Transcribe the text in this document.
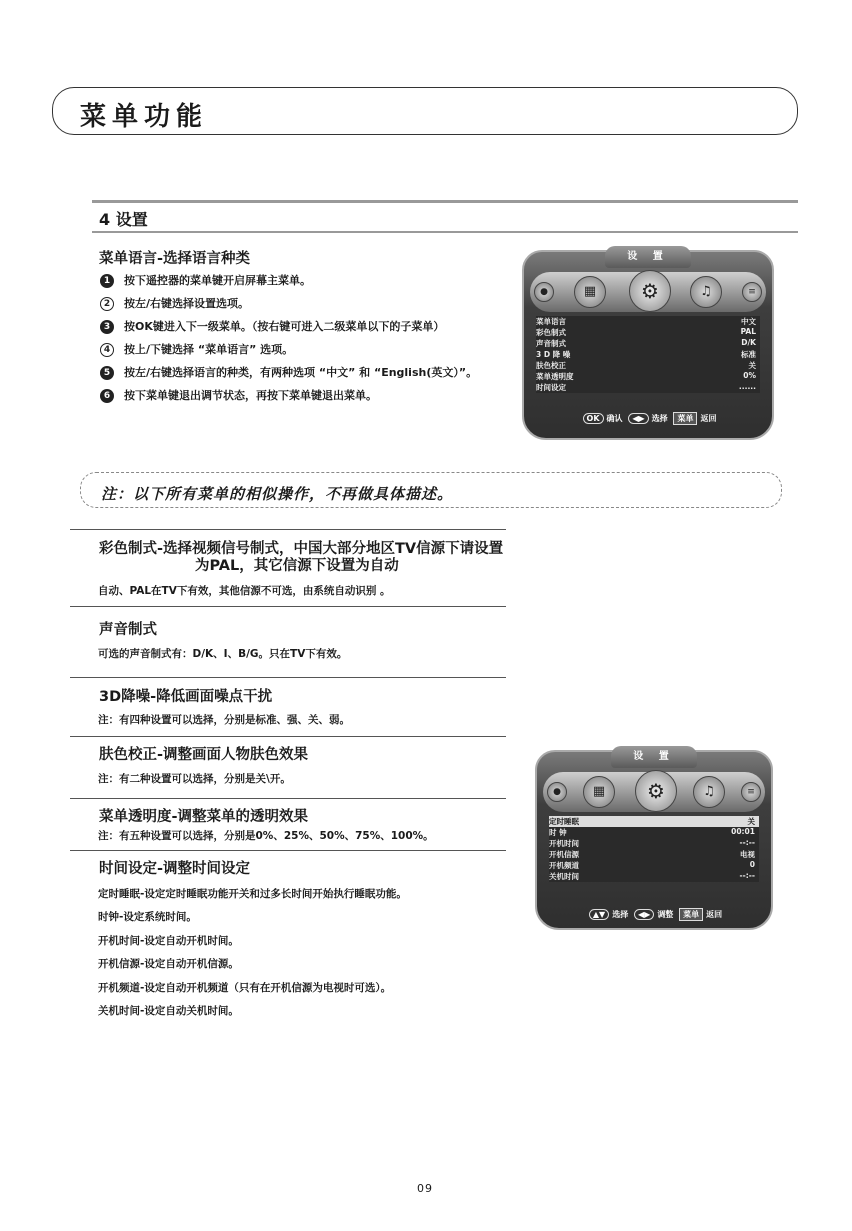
菜单功能
4 设置
菜单语言-选择语言种类
1 按下遥控器的菜单键开启屏幕主菜单。
2 按左/右键选择设置选项。
3 按OK键进入下一级菜单。（按右键可进入二级菜单以下的子菜单）
4 按上/下键选择 “菜单语言” 选项。
5 按左/右键选择语言的种类，有两种选项 “中文” 和 “English(英文）”。
6 按下菜单键退出调节状态，再按下菜单键退出菜单。
设 置
●	▦	⚙	♫	≡
菜单语言	中文
彩色制式	PAL
声音制式	D/K
3 D 降 噪	标准
肤色校正	关
菜单透明度	0%
时间设定	......
OK 确认 ◀▶ 选择 菜单 返回
注：以下所有菜单的相似操作，不再做具体描述。
彩色制式-选择视频信号制式，中国大部分地区TV信源下请设置
为PAL，其它信源下设置为自动
自动、PAL在TV下有效，其他信源不可选，由系统自动识别 。
声音制式
可选的声音制式有：D/K、I、B/G。只在TV下有效。
3D降噪-降低画面噪点干扰
注：有四种设置可以选择，分别是标准、强、关、弱。
肤色校正-调整画面人物肤色效果
注：有二种设置可以选择，分别是关\开。
菜单透明度-调整菜单的透明效果
注：有五种设置可以选择，分别是0%、25%、50%、75%、100%。
时间设定-调整时间设定
定时睡眠-设定定时睡眠功能开关和过多长时间开始执行睡眠功能。
时钟-设定系统时间。
开机时间-设定自动开机时间。
开机信源-设定自动开机信源。
开机频道-设定自动开机频道（只有在开机信源为电视时可选）。
关机时间-设定自动关机时间。
设 置
●	▦	⚙	♫	≡
定时睡眠	关
时 钟	00:01
开机时间	--:--
开机信源	电视
开机频道	0
关机时间	--:--
▲▼ 选择 ◀▶ 调整 菜单 返回
09
